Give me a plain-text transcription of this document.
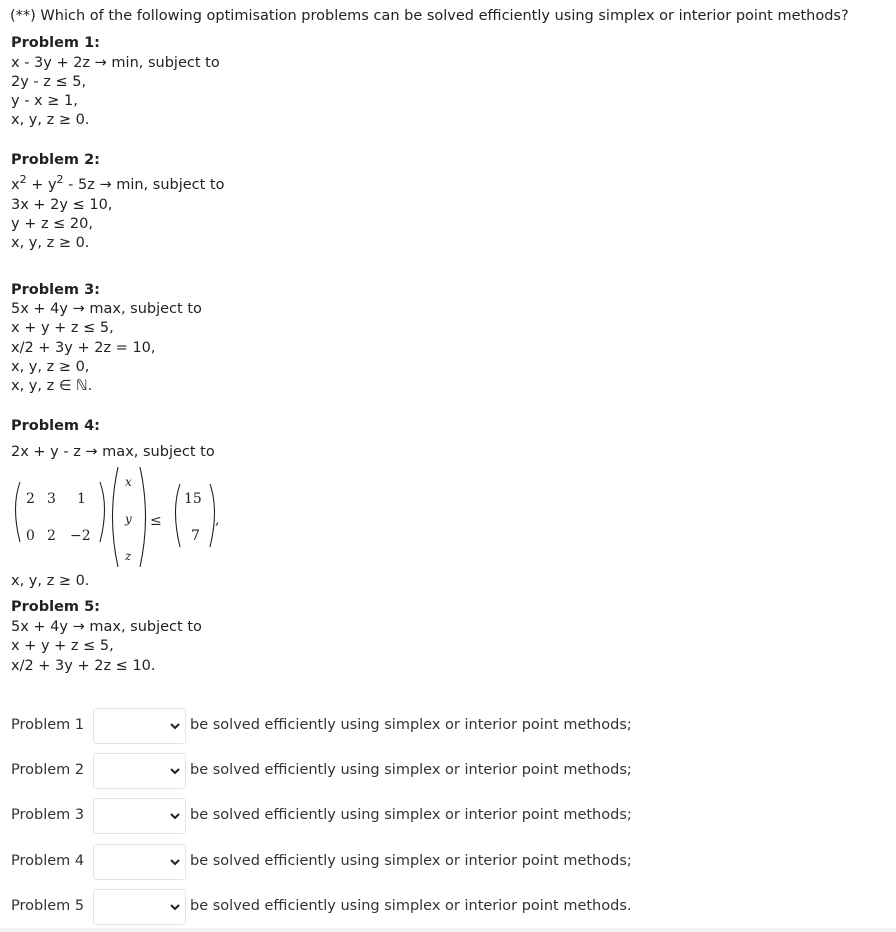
(**) Which of the following optimisation problems can be solved efficiently using simplex or interior point methods?
Problem 1:
x - 3y + 2z → min, subject to
2y - z ≤ 5,
y - x ≥ 1,
x, y, z ≥ 0.
Problem 2:
$x^2 + y^2 - 5z \to \min$, subject to
3x + 2y ≤ 10,
y + z ≤ 20,
x, y, z ≥ 0.
Problem 3:
5x + 4y → max, subject to
x + y + z ≤ 5,
x/2 + 3y + 2z = 10,
x, y, z ≥ 0,
x, y, z ∈ ℕ.
Problem 4:
2x + y - z → max, subject to
2 3 1
0 2 −2
x
y
z
≤
15
7
,
x, y, z ≥ 0.
Problem 5:
5x + 4y → max, subject to
x + y + z ≤ 5,
x/2 + 3y + 2z ≤ 10.
Problem 1	be solved efficiently using simplex or interior point methods;
Problem 2	be solved efficiently using simplex or interior point methods;
Problem 3	be solved efficiently using simplex or interior point methods;
Problem 4	be solved efficiently using simplex or interior point methods;
Problem 5	be solved efficiently using simplex or interior point methods.
